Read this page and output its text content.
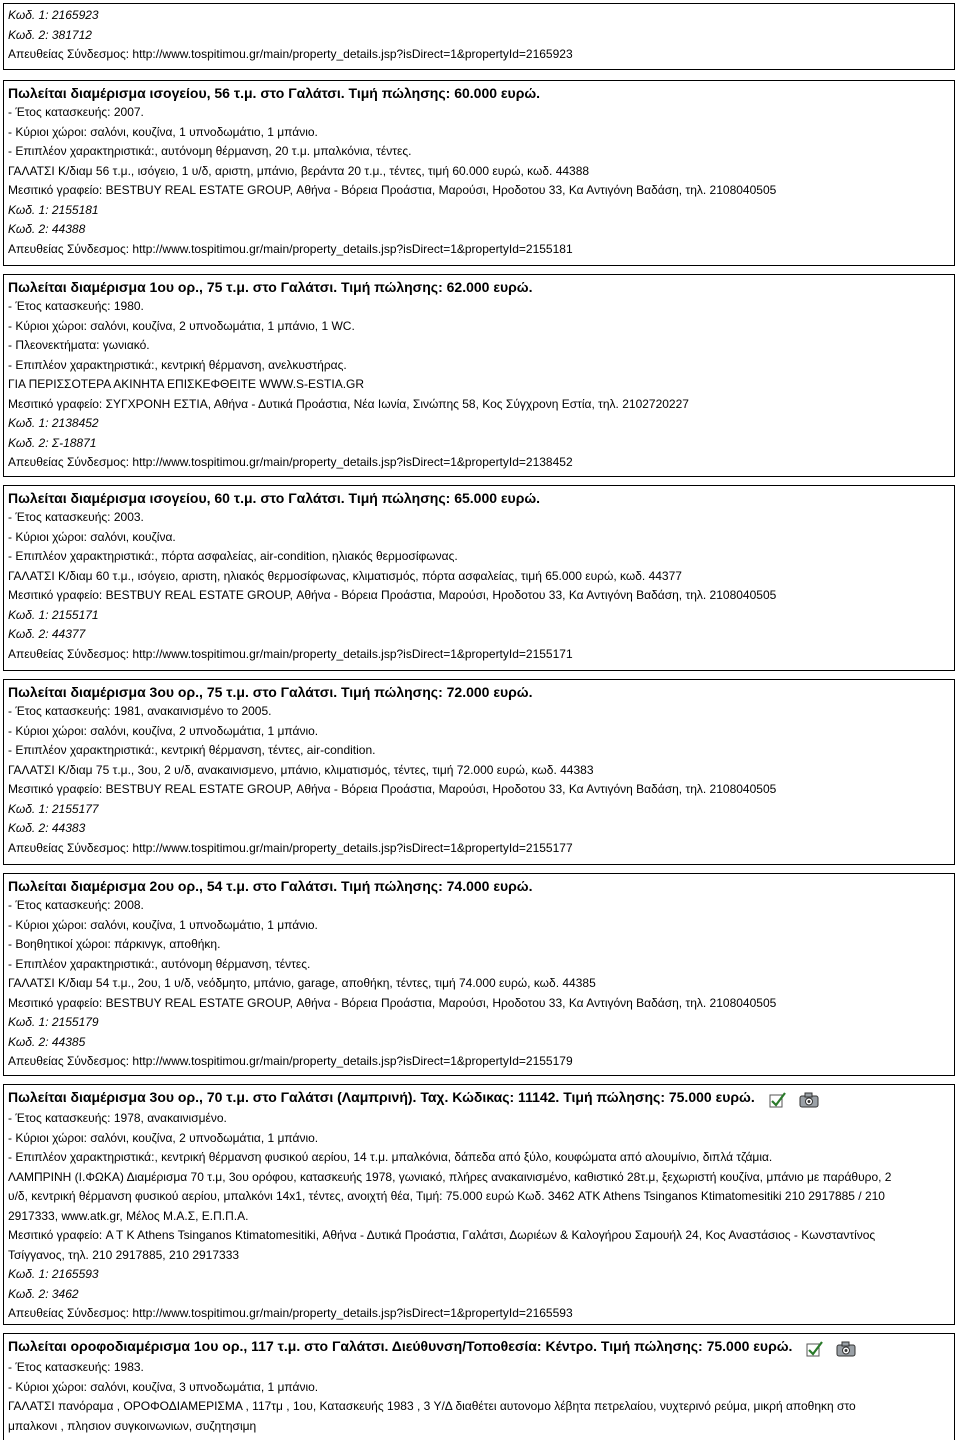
Κωδ. 1: 2165923
Κωδ. 2: 381712
Απευθείας Σύνδεσμος: http://www.tospitimou.gr/main/property_details.jsp?isDirect=1&propertyId=2165923
Πωλείται διαμέρισμα ισογείου, 56 τ.μ. στο Γαλάτσι. Τιμή πώλησης: 60.000 ευρώ.
- Έτος κατασκευής: 2007.
- Κύριοι χώροι: σαλόνι, κουζίνα, 1 υπνοδωμάτιο, 1 μπάνιο.
- Επιπλέον χαρακτηριστικά:, αυτόνομη θέρμανση, 20 τ.μ. μπαλκόνια, τέντες.
ΓΑΛΑΤΣΙ Κ/διαμ 56 τ.μ., ισόγειο, 1 υ/δ, αριστη, μπάνιο, βεράντα 20 τ.μ., τέντες, τιμή 60.000 ευρώ, κωδ. 44388
Μεσιτικό γραφείο: BESTBUY REAL ESTATE GROUP, Αθήνα - Βόρεια Προάστια, Μαρούσι, Ηροδοτου 33, Κα Αντιγόνη Βαδάση, τηλ. 2108040505
Κωδ. 1: 2155181
Κωδ. 2: 44388
Απευθείας Σύνδεσμος: http://www.tospitimou.gr/main/property_details.jsp?isDirect=1&propertyId=2155181
Πωλείται διαμέρισμα 1ου ορ., 75 τ.μ. στο Γαλάτσι. Τιμή πώλησης: 62.000 ευρώ.
- Έτος κατασκευής: 1980.
- Κύριοι χώροι: σαλόνι, κουζίνα, 2 υπνοδωμάτια, 1 μπάνιο, 1 WC.
- Πλεονεκτήματα: γωνιακό.
- Επιπλέον χαρακτηριστικά:, κεντρική θέρμανση, ανελκυστήρας.
ΓΙΑ ΠΕΡΙΣΣΟΤΕΡΑ ΑΚΙΝΗΤΑ ΕΠΙΣΚΕΦΘΕΙΤΕ WWW.S-ESTIA.GR
Μεσιτικό γραφείο: ΣΥΓΧΡΟΝΗ ΕΣΤΙΑ, Αθήνα - Δυτικά Προάστια, Νέα Ιωνία, Σινώπης 58, Κος Σύγχρονη Εστία, τηλ. 2102720227
Κωδ. 1: 2138452
Κωδ. 2: Σ-18871
Απευθείας Σύνδεσμος: http://www.tospitimou.gr/main/property_details.jsp?isDirect=1&propertyId=2138452
Πωλείται διαμέρισμα ισογείου, 60 τ.μ. στο Γαλάτσι. Τιμή πώλησης: 65.000 ευρώ.
- Έτος κατασκευής: 2003.
- Κύριοι χώροι: σαλόνι, κουζίνα.
- Επιπλέον χαρακτηριστικά:, πόρτα ασφαλείας, air-condition, ηλιακός θερμοσίφωνας.
ΓΑΛΑΤΣΙ Κ/διαμ 60 τ.μ., ισόγειο, αριστη, ηλιακός θερμοσίφωνας, κλιματισμός, πόρτα ασφαλείας, τιμή 65.000 ευρώ, κωδ. 44377
Μεσιτικό γραφείο: BESTBUY REAL ESTATE GROUP, Αθήνα - Βόρεια Προάστια, Μαρούσι, Ηροδοτου 33, Κα Αντιγόνη Βαδάση, τηλ. 2108040505
Κωδ. 1: 2155171
Κωδ. 2: 44377
Απευθείας Σύνδεσμος: http://www.tospitimou.gr/main/property_details.jsp?isDirect=1&propertyId=2155171
Πωλείται διαμέρισμα 3ου ορ., 75 τ.μ. στο Γαλάτσι. Τιμή πώλησης: 72.000 ευρώ.
- Έτος κατασκευής: 1981, ανακαινισμένο το 2005.
- Κύριοι χώροι: σαλόνι, κουζίνα, 2 υπνοδωμάτια, 1 μπάνιο.
- Επιπλέον χαρακτηριστικά:, κεντρική θέρμανση, τέντες, air-condition.
ΓΑΛΑΤΣΙ Κ/διαμ 75 τ.μ., 3ου, 2 υ/δ, ανακαινισμενο, μπάνιο, κλιματισμός, τέντες, τιμή 72.000 ευρώ, κωδ. 44383
Μεσιτικό γραφείο: BESTBUY REAL ESTATE GROUP, Αθήνα - Βόρεια Προάστια, Μαρούσι, Ηροδοτου 33, Κα Αντιγόνη Βαδάση, τηλ. 2108040505
Κωδ. 1: 2155177
Κωδ. 2: 44383
Απευθείας Σύνδεσμος: http://www.tospitimou.gr/main/property_details.jsp?isDirect=1&propertyId=2155177
Πωλείται διαμέρισμα 2ου ορ., 54 τ.μ. στο Γαλάτσι. Τιμή πώλησης: 74.000 ευρώ.
- Έτος κατασκευής: 2008.
- Κύριοι χώροι: σαλόνι, κουζίνα, 1 υπνοδωμάτιο, 1 μπάνιο.
- Βοηθητικοί χώροι: πάρκινγκ, αποθήκη.
- Επιπλέον χαρακτηριστικά:, αυτόνομη θέρμανση, τέντες.
ΓΑΛΑΤΣΙ Κ/διαμ 54 τ.μ., 2ου, 1 υ/δ, νεόδμητο, μπάνιο, garage, αποθήκη, τέντες, τιμή 74.000 ευρώ, κωδ. 44385
Μεσιτικό γραφείο: BESTBUY REAL ESTATE GROUP, Αθήνα - Βόρεια Προάστια, Μαρούσι, Ηροδοτου 33, Κα Αντιγόνη Βαδάση, τηλ. 2108040505
Κωδ. 1: 2155179
Κωδ. 2: 44385
Απευθείας Σύνδεσμος: http://www.tospitimou.gr/main/property_details.jsp?isDirect=1&propertyId=2155179
Πωλείται διαμέρισμα 3ου ορ., 70 τ.μ. στο Γαλάτσι (Λαμπρινή). Ταχ. Κώδικας: 11142. Τιμή πώλησης: 75.000 ευρώ.
- Έτος κατασκευής: 1978, ανακαινισμένο.
- Κύριοι χώροι: σαλόνι, κουζίνα, 2 υπνοδωμάτια, 1 μπάνιο.
- Επιπλέον χαρακτηριστικά:, κεντρική θέρμανση φυσικού αερίου, 14 τ.μ. μπαλκόνια, δάπεδα από ξύλο, κουφώματα από αλουμίνιο, διπλά τζάμια.
ΛΑΜΠΡΙΝΗ (Ι.ΦΩΚΑ) Διαμέρισμα 70 τ.μ, 3ου ορόφου, κατασκευής 1978, γωνιακό, πλήρες ανακαινισμένο, καθιστικό 28τ.μ, ξεχωριστή κουζίνα, μπάνιο με παράθυρο, 2 υ/δ, κεντρική θέρμανση φυσικού αερίου, μπαλκόνι 14x1, τέντες, ανοιχτή θέα, Τιμή: 75.000 ευρώ Κωδ. 3462 ATK Athens Tsinganos Ktimatomesitiki 210 2917885 / 210 2917333, www.atk.gr, Μέλος Μ.Α.Σ, Ε.Π.Π.Α.
Μεσιτικό γραφείο: A T K Athens Tsinganos Ktimatomesitiki, Αθήνα - Δυτικά Προάστια, Γαλάτσι, Δωριέων & Καλογήρου Σαμουήλ 24, Κος Αναστάσιος - Κωνσταντίνος Τσίγγανος, τηλ. 210 2917885, 210 2917333
Κωδ. 1: 2165593
Κωδ. 2: 3462
Απευθείας Σύνδεσμος: http://www.tospitimou.gr/main/property_details.jsp?isDirect=1&propertyId=2165593
Πωλείται οροφοδιαμέρισμα 1ου ορ., 117 τ.μ. στο Γαλάτσι. Διεύθυνση/Τοποθεσία: Κέντρο. Τιμή πώλησης: 75.000 ευρώ.
- Έτος κατασκευής: 1983.
- Κύριοι χώροι: σαλόνι, κουζίνα, 3 υπνοδωμάτια, 1 μπάνιο.
ΓΑΛΑΤΣΙ πανόραμα , ΟΡΟΦΟΔΙΑΜΕΡΙΣΜΑ , 117τμ , 1ου, Κατασκευής 1983 , 3 Υ/Δ διαθέτει αυτονομο λέβητα πετρελαίου, νυχτερινό ρεύμα, μικρή αποθηκη στο μπαλκονι , πλησιον συγκοινωνιων, συζητησιμη
